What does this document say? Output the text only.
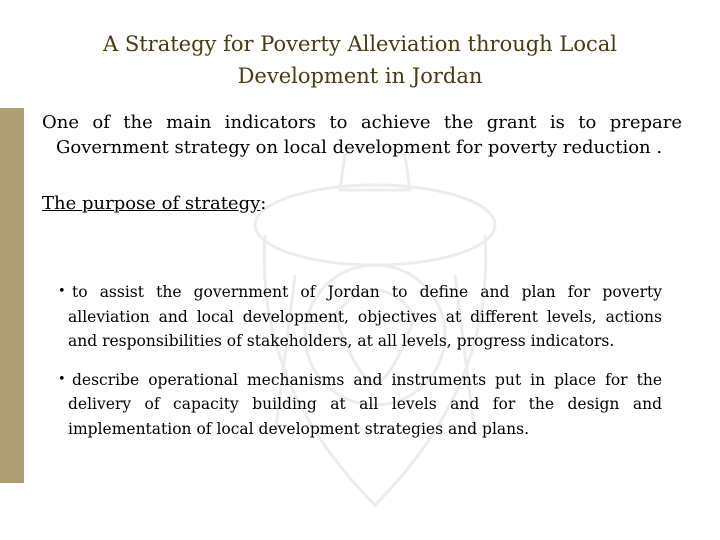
A Strategy for Poverty Alleviation through Local Development in Jordan
One of the main indicators to achieve the grant is to prepare
Government strategy on local development for poverty reduction .
The purpose of strategy:
• to assist the government of Jordan to define and plan for poverty alleviation and local development, objectives at different levels, actions and responsibilities of stakeholders, at all levels, progress indicators.
• describe operational mechanisms and instruments put in place for the delivery of capacity building at all levels and for the design and implementation of local development strategies and plans.
